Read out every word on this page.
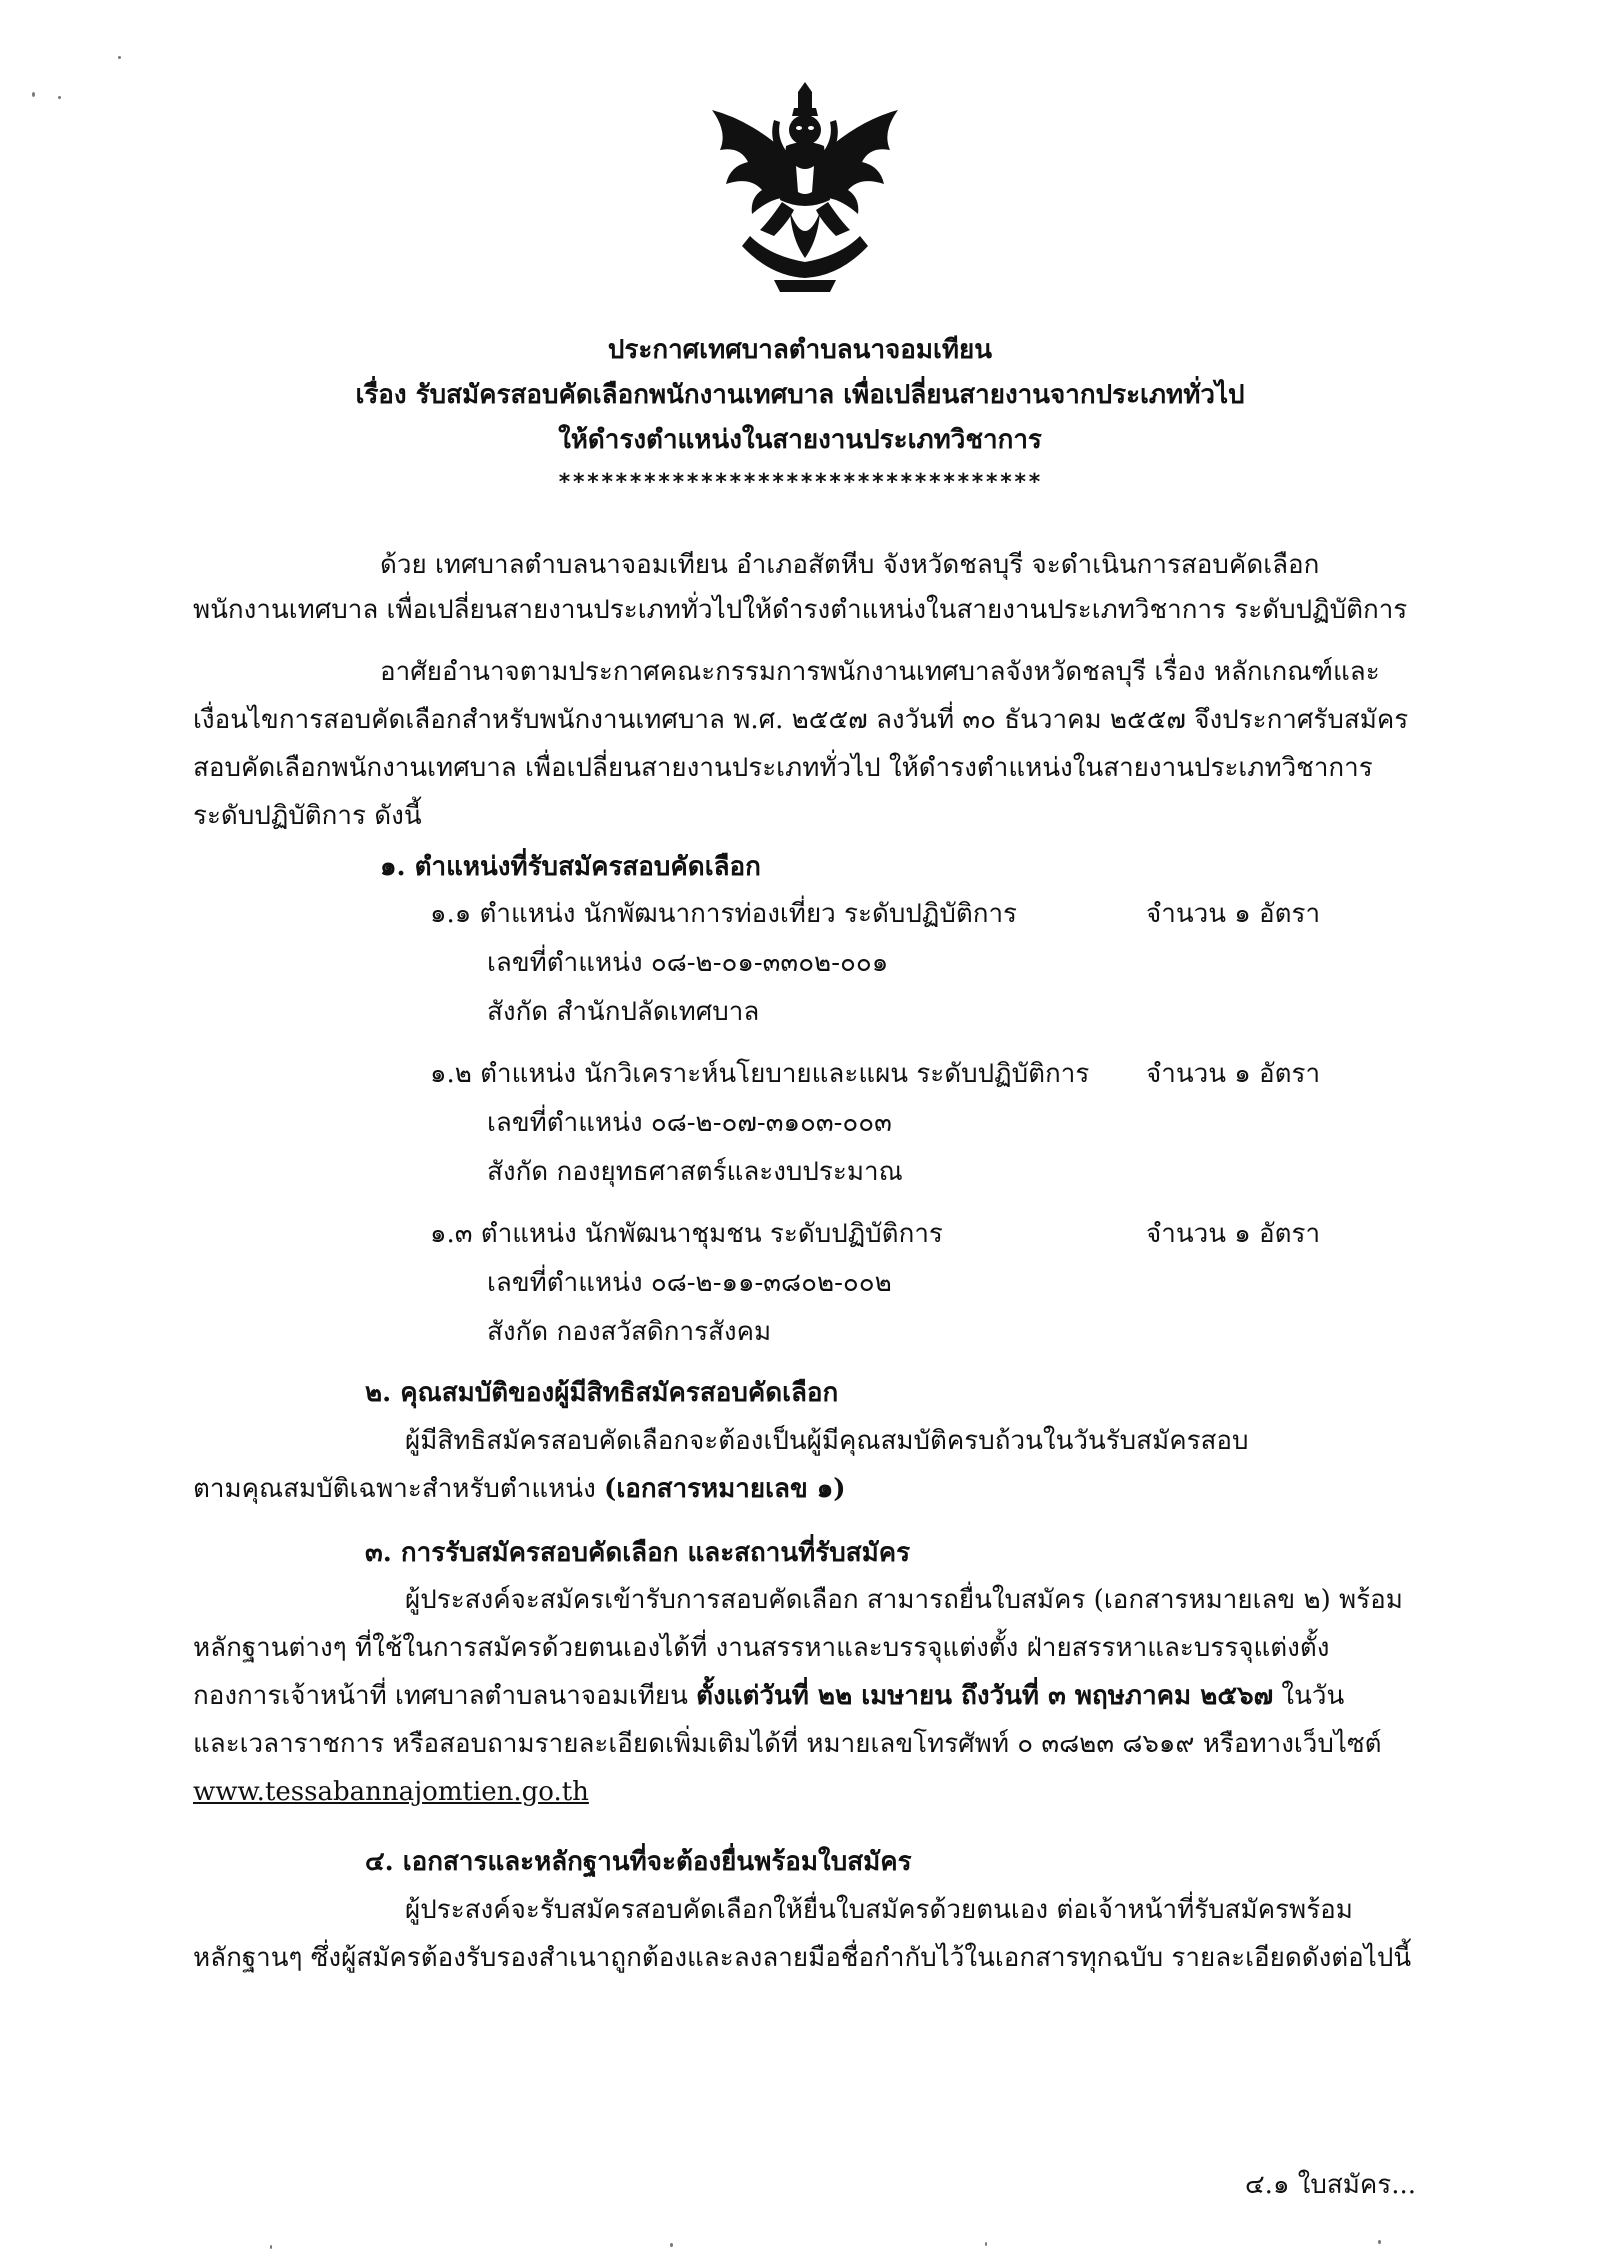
ประกาศเทศบาลตำบลนาจอมเทียน
เรื่อง รับสมัครสอบคัดเลือกพนักงานเทศบาล เพื่อเปลี่ยนสายงานจากประเภททั่วไป
ให้ดำรงตำแหน่งในสายงานประเภทวิชาการ
**********************************
ด้วย เทศบาลตำบลนาจอมเทียน อำเภอสัตหีบ จังหวัดชลบุรี จะดำเนินการสอบคัดเลือก
พนักงานเทศบาล เพื่อเปลี่ยนสายงานประเภททั่วไปให้ดำรงตำแหน่งในสายงานประเภทวิชาการ ระดับปฏิบัติการ
อาศัยอำนาจตามประกาศคณะกรรมการพนักงานเทศบาลจังหวัดชลบุรี เรื่อง หลักเกณฑ์และ
เงื่อนไขการสอบคัดเลือกสำหรับพนักงานเทศบาล พ.ศ. ๒๕๕๗ ลงวันที่ ๓๐ ธันวาคม ๒๕๕๗ จึงประกาศรับสมัคร
สอบคัดเลือกพนักงานเทศบาล เพื่อเปลี่ยนสายงานประเภททั่วไป ให้ดำรงตำแหน่งในสายงานประเภทวิชาการ
ระดับปฏิบัติการ ดังนี้
๑. ตำแหน่งที่รับสมัครสอบคัดเลือก
๑.๑ ตำแหน่ง นักพัฒนาการท่องเที่ยว ระดับปฏิบัติการ	จำนวน ๑ อัตรา
เลขที่ตำแหน่ง ๐๘-๒-๐๑-๓๓๐๒-๐๐๑
สังกัด สำนักปลัดเทศบาล
๑.๒ ตำแหน่ง นักวิเคราะห์นโยบายและแผน ระดับปฏิบัติการ จำนวน ๑ อัตรา
เลขที่ตำแหน่ง ๐๘-๒-๐๗-๓๑๐๓-๐๐๓
สังกัด กองยุทธศาสตร์และงบประมาณ
๑.๓ ตำแหน่ง นักพัฒนาชุมชน ระดับปฏิบัติการ	จำนวน ๑ อัตรา
เลขที่ตำแหน่ง ๐๘-๒-๑๑-๓๘๐๒-๐๐๒
สังกัด กองสวัสดิการสังคม
๒. คุณสมบัติของผู้มีสิทธิสมัครสอบคัดเลือก
ผู้มีสิทธิสมัครสอบคัดเลือกจะต้องเป็นผู้มีคุณสมบัติครบถ้วนในวันรับสมัครสอบ
ตามคุณสมบัติเฉพาะสำหรับตำแหน่ง (เอกสารหมายเลข ๑)
๓. การรับสมัครสอบคัดเลือก และสถานที่รับสมัคร
ผู้ประสงค์จะสมัครเข้ารับการสอบคัดเลือก สามารถยื่นใบสมัคร (เอกสารหมายเลข ๒) พร้อม
หลักฐานต่างๆ ที่ใช้ในการสมัครด้วยตนเองได้ที่ งานสรรหาและบรรจุแต่งตั้ง ฝ่ายสรรหาและบรรจุแต่งตั้ง
กองการเจ้าหน้าที่ เทศบาลตำบลนาจอมเทียน ตั้งแต่วันที่ ๒๒ เมษายน ถึงวันที่ ๓ พฤษภาคม ๒๕๖๗ ในวัน
และเวลาราชการ หรือสอบถามรายละเอียดเพิ่มเติมได้ที่ หมายเลขโทรศัพท์ ๐ ๓๘๒๓ ๘๖๑๙ หรือทางเว็บไซต์
www.tessabannajomtien.go.th
๔. เอกสารและหลักฐานที่จะต้องยื่นพร้อมใบสมัคร
ผู้ประสงค์จะรับสมัครสอบคัดเลือกให้ยื่นใบสมัครด้วยตนเอง ต่อเจ้าหน้าที่รับสมัครพร้อม
หลักฐานๆ ซึ่งผู้สมัครต้องรับรองสำเนาถูกต้องและลงลายมือชื่อกำกับไว้ในเอกสารทุกฉบับ รายละเอียดดังต่อไปนี้
๔.๑ ใบสมัคร...
